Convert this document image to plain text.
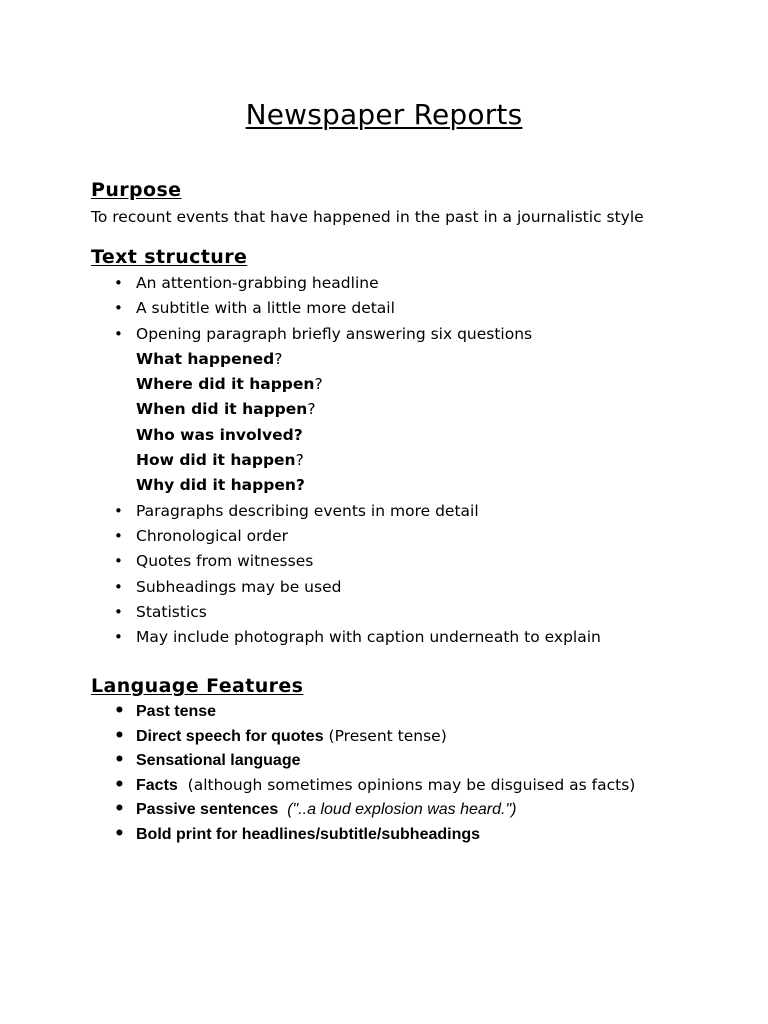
Newspaper Reports
Purpose

To recount events that have happened in the past in a journalistic style

Text structure
• An attention-grabbing headline
• A subtitle with a little more detail
• Opening paragraph briefly answering six questions
What happened?
Where did it happen?
When did it happen?
Who was involved?
How did it happen?
Why did it happen?
• Paragraphs describing events in more detail
• Chronological order
• Quotes from witnesses
• Subheadings may be used
• Statistics
• May include photograph with caption underneath to explain
Language Features
• Past tense
• Direct speech for quotes (Present tense)
• Sensational language
• Facts  (although sometimes opinions may be disguised as facts)
• Passive sentences  ("..a loud explosion was heard.")
• Bold print for headlines/subtitle/subheadings
